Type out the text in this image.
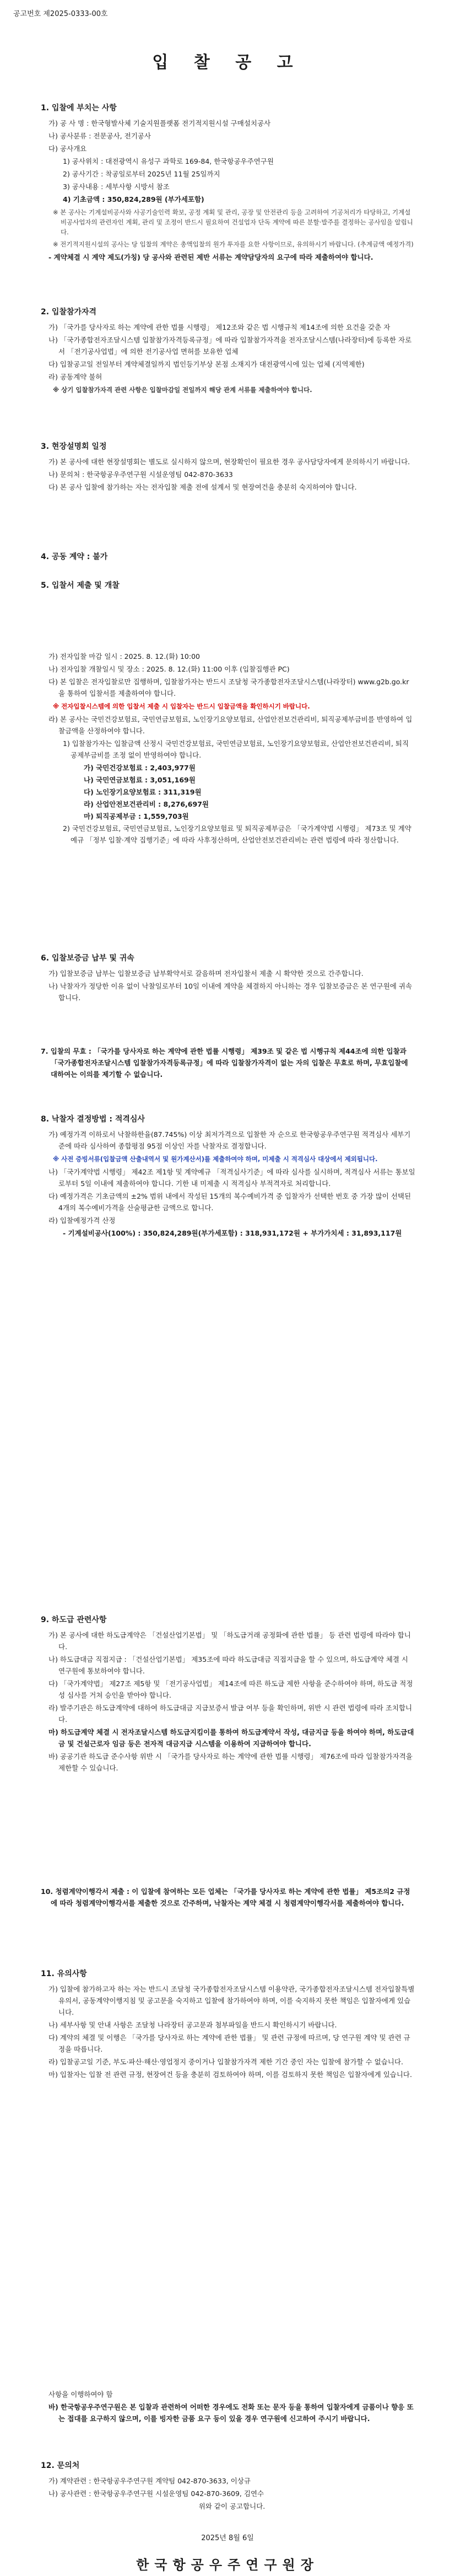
공고번호 제2025-0333-00호
입 찰 공 고
1. 입찰에 부치는 사항
가) 공 사 명 : 한국형발사체 기술지원플랫폼 전기적지원시설 구매설치공사
나) 공사분류 : 전문공사, 전기공사
다) 공사개요
1) 공사위치 : 대전광역시 유성구 과학로 169-84, 한국항공우주연구원
2) 공사기간 : 착공일로부터 2025년 11월 25일까지
3) 공사내용 : 세부사항 시방서 참조
4) 기초금액 : 350,824,289원 (부가세포함)
※ 본 공사는 기계설비공사와 사공기술인력 확보, 공정 계획 및 관리, 공장 및 안전관리 등을 고려하여 기공처리가 타당하고, 기계설비공사업자의 관련자인 계획, 관리 및 조정이 반드시 필요하여 건설업자 단독 계약에 따른 분할·발주를 결정하는 공사임을 알립니다.
※ 전기적지원시설의 공사는 당 입찰의 계약은 총액입찰의 원가 투자를 요한 사항이므로, 유의하시기 바랍니다. (추계금액 예정가격)
- 계약체결 시 계약 제도(가칭) 당 공사와 관련된 제반 서류는 계약담당자의 요구에 따라 제출하여야 합니다.
2. 입찰참가자격
가) 「국가를 당사자로 하는 계약에 관한 법률 시행령」 제12조와 같은 법 시행규칙 제14조에 의한 요건을 갖춘 자
나) 「국가종합전자조달시스템 입찰참가자격등록규정」에 따라 입찰참가자격을 전자조달시스템(나라장터)에 등록한 자로서 「전기공사업법」에 의한 전기공사업 면허를 보유한 업체
다) 입찰공고일 전일부터 계약체결일까지 법인등기부상 본점 소재지가 대전광역시에 있는 업체 (지역제한)
라) 공동계약 불허
※ 상기 입찰참가자격 관련 사항은 입찰마감일 전일까지 해당 관계 서류를 제출하여야 합니다.
3. 현장설명회 일정
가) 본 공사에 대한 현장설명회는 별도로 실시하지 않으며, 현장확인이 필요한 경우 공사담당자에게 문의하시기 바랍니다.
나) 문의처 : 한국항공우주연구원 시설운영팀 042-870-3633
다) 본 공사 입찰에 참가하는 자는 전자입찰 제출 전에 설계서 및 현장여건을 충분히 숙지하여야 합니다.
4. 공동 계약 : 불가
5. 입찰서 제출 및 개찰
가) 전자입찰 마감 일시 : 2025. 8. 12.(화) 10:00
나) 전자입찰 개찰일시 및 장소 : 2025. 8. 12.(화) 11:00 이후 (입찰집행관 PC)
다) 본 입찰은 전자입찰로만 집행하며, 입찰참가자는 반드시 조달청 국가종합전자조달시스템(나라장터) www.g2b.go.kr을 통하여 입찰서를 제출하여야 합니다.
※ 전자입찰시스템에 의한 입찰서 제출 시 입찰자는 반드시 입찰금액을 확인하시기 바랍니다.
라) 본 공사는 국민건강보험료, 국민연금보험료, 노인장기요양보험료, 산업안전보건관리비, 퇴직공제부금비를 반영하여 입찰금액을 산정하여야 합니다.
1) 입찰참가자는 입찰금액 산정시 국민건강보험료, 국민연금보험료, 노인장기요양보험료, 산업안전보건관리비, 퇴직공제부금비를 조정 없이 반영하여야 합니다.
가) 국민건강보험료 : 2,403,977원
나) 국민연금보험료 : 3,051,169원
다) 노인장기요양보험료 : 311,319원
라) 산업안전보건관리비 : 8,276,697원
마) 퇴직공제부금 : 1,559,703원
2) 국민건강보험료, 국민연금보험료, 노인장기요양보험료 및 퇴직공제부금은 「국가계약법 시행령」 제73조 및 계약예규 「정부 입찰·계약 집행기준」에 따라 사후정산하며, 산업안전보건관리비는 관련 법령에 따라 정산합니다.
6. 입찰보증금 납부 및 귀속
가) 입찰보증금 납부는 입찰보증금 납부확약서로 갈음하며 전자입찰서 제출 시 확약한 것으로 간주합니다.
나) 낙찰자가 정당한 이유 없이 낙찰일로부터 10일 이내에 계약을 체결하지 아니하는 경우 입찰보증금은 본 연구원에 귀속합니다.
7. 입찰의 무효 : 「국가를 당사자로 하는 계약에 관한 법률 시행령」 제39조 및 같은 법 시행규칙 제44조에 의한 입찰과 「국가종합전자조달시스템 입찰참가자격등록규정」에 따라 입찰참가자격이 없는 자의 입찰은 무효로 하며, 무효입찰에 대하여는 이의를 제기할 수 없습니다.
8. 낙찰자 결정방법 : 적격심사
가) 예정가격 이하로서 낙찰하한율(87.745%) 이상 최저가격으로 입찰한 자 순으로 한국항공우주연구원 적격심사 세부기준에 따라 심사하여 종합평점 95점 이상인 자를 낙찰자로 결정합니다.
※ 사전 증빙서류(입찰금액 산출내역서 및 원가계산서)를 제출하여야 하며, 미제출 시 적격심사 대상에서 제외됩니다.
나) 「국가계약법 시행령」 제42조 제1항 및 계약예규 「적격심사기준」에 따라 심사를 실시하며, 적격심사 서류는 통보일로부터 5일 이내에 제출하여야 합니다. 기한 내 미제출 시 적격심사 부적격자로 처리합니다.
다) 예정가격은 기초금액의 ±2% 범위 내에서 작성된 15개의 복수예비가격 중 입찰자가 선택한 번호 중 가장 많이 선택된 4개의 복수예비가격을 산술평균한 금액으로 합니다.
라) 입찰예정가격 산정
- 기계설비공사(100%) : 350,824,289원(부가세포함) : 318,931,172원 + 부가가치세 : 31,893,117원
9. 하도급 관련사항
가) 본 공사에 대한 하도급계약은 「건설산업기본법」 및 「하도급거래 공정화에 관한 법률」 등 관련 법령에 따라야 합니다.
나) 하도급대금 직접지급 : 「건설산업기본법」 제35조에 따라 하도급대금 직접지급을 할 수 있으며, 하도급계약 체결 시 연구원에 통보하여야 합니다.
다) 「국가계약법」 제27조 제5항 및 「전기공사업법」 제14조에 따른 하도급 제한 사항을 준수하여야 하며, 하도급 적정성 심사를 거쳐 승인을 받아야 합니다.
라) 발주기관은 하도급계약에 대하여 하도급대금 지급보증서 발급 여부 등을 확인하며, 위반 시 관련 법령에 따라 조치합니다.
마) 하도급계약 체결 시 전자조달시스템 하도급지킴이를 통하여 하도급계약서 작성, 대금지급 등을 하여야 하며, 하도급대금 및 건설근로자 임금 등은 전자적 대금지급 시스템을 이용하여 지급하여야 합니다.
바) 공공기관 하도급 준수사항 위반 시 「국가를 당사자로 하는 계약에 관한 법률 시행령」 제76조에 따라 입찰참가자격을 제한할 수 있습니다.
10. 청렴계약이행각서 제출 : 이 입찰에 참여하는 모든 업체는 「국가를 당사자로 하는 계약에 관한 법률」 제5조의2 규정에 따라 청렴계약이행각서를 제출한 것으로 간주하며, 낙찰자는 계약 체결 시 청렴계약이행각서를 제출하여야 합니다.
11. 유의사항
가) 입찰에 참가하고자 하는 자는 반드시 조달청 국가종합전자조달시스템 이용약관, 국가종합전자조달시스템 전자입찰특별유의서, 공동계약이행지침 및 공고문을 숙지하고 입찰에 참가하여야 하며, 이를 숙지하지 못한 책임은 입찰자에게 있습니다.
나) 세부사항 및 안내 사항은 조달청 나라장터 공고문과 첨부파일을 반드시 확인하시기 바랍니다.
다) 계약의 체결 및 이행은 「국가를 당사자로 하는 계약에 관한 법률」 및 관련 규정에 따르며, 당 연구원 계약 및 관련 규정을 따릅니다.
라) 입찰공고일 기준, 부도·파산·해산·영업정지 중이거나 입찰참가자격 제한 기간 중인 자는 입찰에 참가할 수 없습니다.
마) 입찰자는 입찰 전 관련 규정, 현장여건 등을 충분히 검토하여야 하며, 이를 검토하지 못한 책임은 입찰자에게 있습니다.
사항을 이행하여야 함
바) 한국항공우주연구원은 본 입찰과 관련하여 어떠한 경우에도 전화 또는 문자 등을 통하여 입찰자에게 금품이나 향응 또는 접대를 요구하지 않으며, 이를 빙자한 금품 요구 등이 있을 경우 연구원에 신고하여 주시기 바랍니다.
12. 문의처
가) 계약관련 : 한국항공우주연구원 계약팀 042-870-3633, 이상규
나) 공사관련 : 한국항공우주연구원 시설운영팀 042-870-3609, 김연수
위와 같이 공고합니다.
2025년 8월 6일
한국항공우주연구원장
